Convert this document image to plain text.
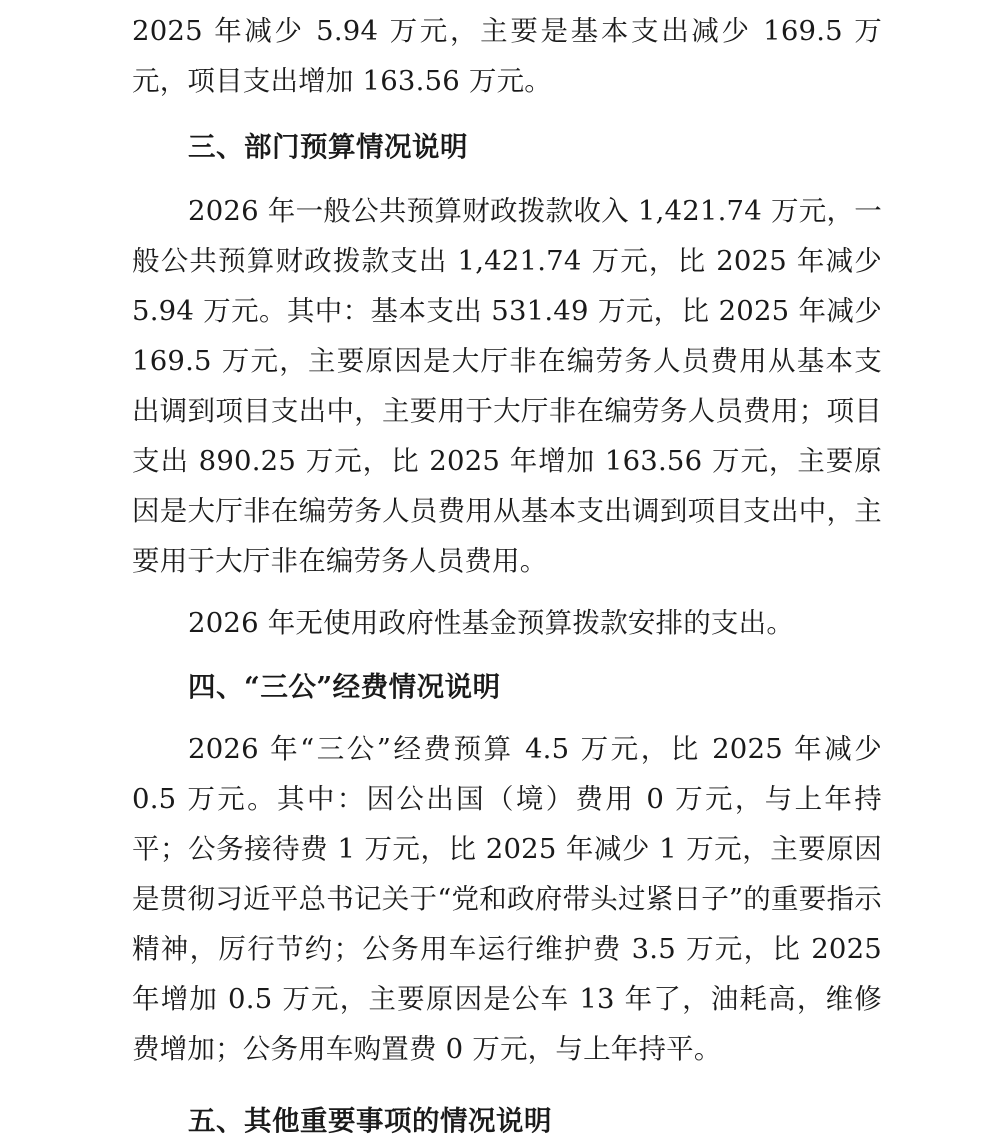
2025 年减少 5.94 万元，主要是基本支出减少 169.5 万元，项目支出增加 163.56 万元。

三、部门预算情况说明

2026 年一般公共预算财政拨款收入 1,421.74 万元，一般公共预算财政拨款支出 1,421.74 万元，比 2025 年减少 5.94 万元。其中：基本支出 531.49 万元，比 2025 年减少 169.5 万元，主要原因是大厅非在编劳务人员费用从基本支出调到项目支出中，主要用于大厅非在编劳务人员费用；项目支出 890.25 万元，比 2025 年增加 163.56 万元，主要原因是大厅非在编劳务人员费用从基本支出调到项目支出中，主要用于大厅非在编劳务人员费用。

2026 年无使用政府性基金预算拨款安排的支出。

四、“三公”经费情况说明

2026 年“三公”经费预算 4.5 万元，比 2025 年减少 0.5 万元。其中：因公出国（境）费用 0 万元，与上年持平；公务接待费 1 万元，比 2025 年减少 1 万元，主要原因是贯彻习近平总书记关于“党和政府带头过紧日子”的重要指示精神，厉行节约；公务用车运行维护费 3.5 万元，比 2025 年增加 0.5 万元，主要原因是公车 13 年了，油耗高，维修费增加；公务用车购置费 0 万元，与上年持平。

五、其他重要事项的情况说明
